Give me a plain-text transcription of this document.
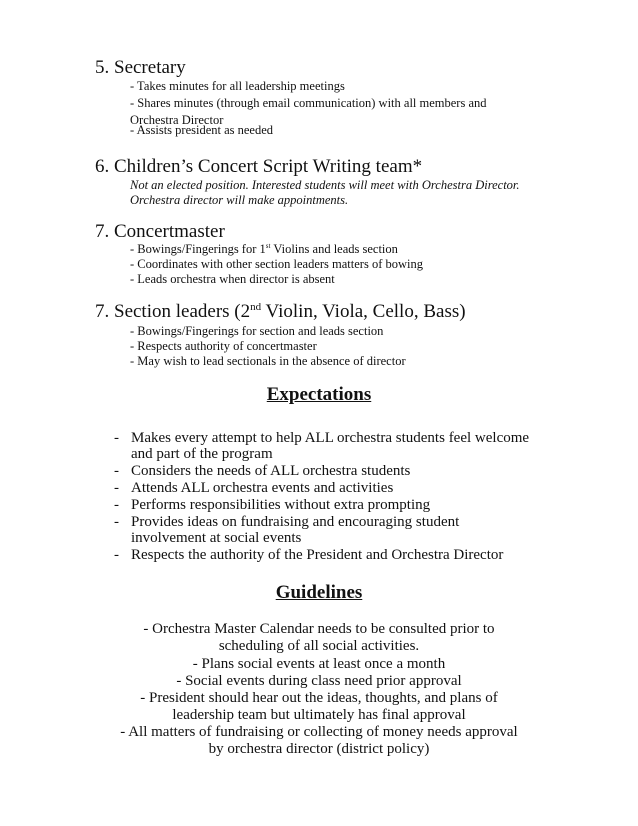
5. Secretary

- Takes minutes for all leadership meetings

- Shares minutes (through email communication) with all members and

Orchestra Director

- Assists president as needed

6. Children’s Concert Script Writing team*

Not an elected position. Interested students will meet with Orchestra Director.

Orchestra director will make appointments.

7. Concertmaster

- Bowings/Fingerings for 1st Violins and leads section

- Coordinates with other section leaders matters of bowing

- Leads orchestra when director is absent

7. Section leaders (2nd Violin, Viola, Cello, Bass)

- Bowings/Fingerings for section and leads section

- Respects authority of concertmaster

- May wish to lead sectionals in the absence of director

Expectations
- Makes every attempt to help ALL orchestra students feel welcome
and part of the program
- Considers the needs of ALL orchestra students
- Attends ALL orchestra events and activities
- Performs responsibilities without extra prompting
- Provides ideas on fundraising and encouraging student
involvement at social events
- Respects the authority of the President and Orchestra Director
Guidelines
- Orchestra Master Calendar needs to be consulted prior to
scheduling of all social activities.
- Plans social events at least once a month
- Social events during class need prior approval
- President should hear out the ideas, thoughts, and plans of
leadership team but ultimately has final approval
- All matters of fundraising or collecting of money needs approval
by orchestra director (district policy)
